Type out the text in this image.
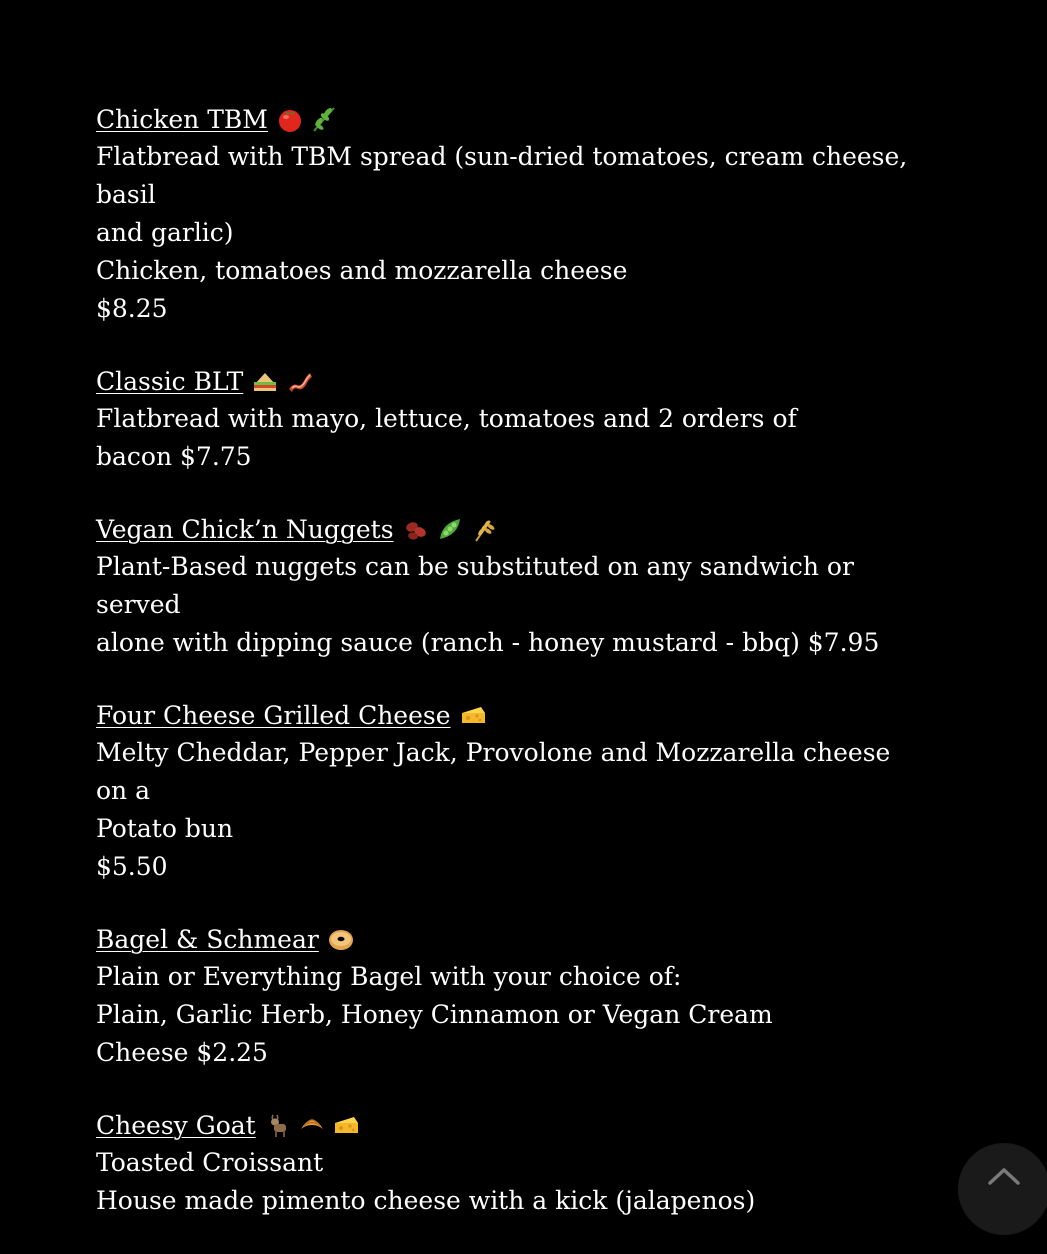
Chicken TBM
Flatbread with TBM spread (sun-dried tomatoes, cream cheese, basil
and garlic)
Chicken, tomatoes and mozzarella cheese
$8.25
Classic BLT
Flatbread with mayo, lettuce, tomatoes and 2 orders of
bacon $7.75
Vegan Chick’n Nuggets
Plant-Based nuggets can be substituted on any sandwich or served
alone with dipping sauce (ranch - honey mustard - bbq) $7.95
Four Cheese Grilled Cheese
Melty Cheddar, Pepper Jack, Provolone and Mozzarella cheese on a
Potato bun
$5.50
Bagel & Schmear
Plain or Everything Bagel with your choice of:
Plain, Garlic Herb, Honey Cinnamon or Vegan Cream
Cheese $2.25
Cheesy Goat
Toasted Croissant
House made pimento cheese with a kick (jalapenos)
